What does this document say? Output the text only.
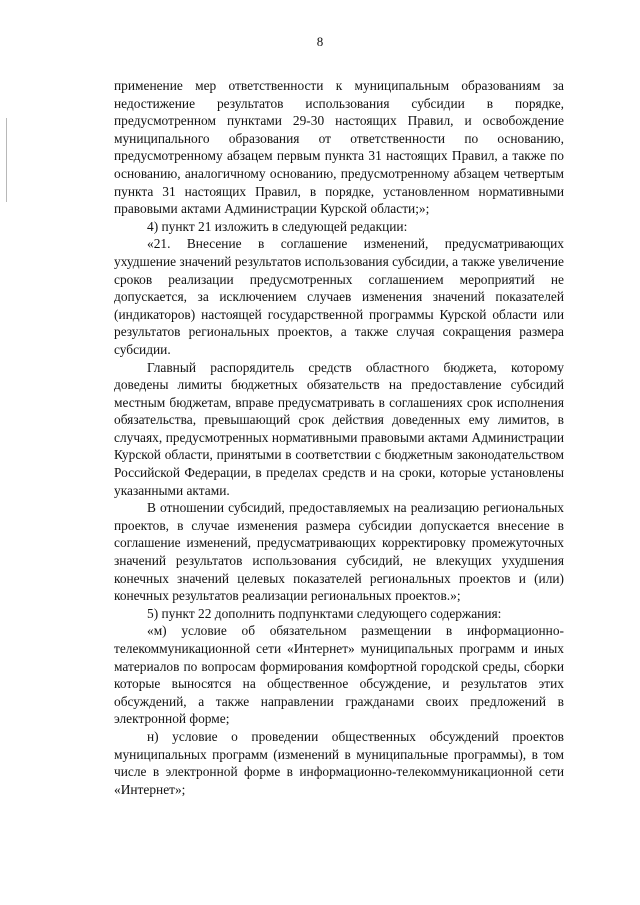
8

применение мер ответственности к муниципальным образованиям за недостижение результатов использования субсидии в порядке, предусмотренном пунктами 29-30 настоящих Правил, и освобождение муниципального образования от ответственности по основанию, предусмотренному абзацем первым пункта 31 настоящих Правил, а также по основанию, аналогичному основанию, предусмотренному абзацем четвертым пункта 31 настоящих Правил, в порядке, установленном нормативными правовыми актами Администрации Курской области;»;

4) пункт 21 изложить в следующей редакции:

«21. Внесение в соглашение изменений, предусматривающих ухудшение значений результатов использования субсидии, а также увеличение сроков реализации предусмотренных соглашением мероприятий не допускается, за исключением случаев изменения значений показателей (индикаторов) настоящей государственной программы Курской области или результатов региональных проектов, а также случая сокращения размера субсидии.

Главный распорядитель средств областного бюджета, которому доведены лимиты бюджетных обязательств на предоставление субсидий местным бюджетам, вправе предусматривать в соглашениях срок исполнения обязательства, превышающий срок действия доведенных ему лимитов, в случаях, предусмотренных нормативными правовыми актами Администрации Курской области, принятыми в соответствии с бюджетным законодательством Российской Федерации, в пределах средств и на сроки, которые установлены указанными актами.

В отношении субсидий, предоставляемых на реализацию региональных проектов, в случае изменения размера субсидии допускается внесение в соглашение изменений, предусматривающих корректировку промежуточных значений результатов использования субсидий, не влекущих ухудшения конечных значений целевых показателей региональных проектов и (или) конечных результатов реализации региональных проектов.»;

5) пункт 22 дополнить подпунктами следующего содержания:

«м) условие об обязательном размещении в информационно-телекоммуникационной сети «Интернет» муниципальных программ и иных материалов по вопросам формирования комфортной городской среды, сборки которые выносятся на общественное обсуждение, и результатов этих обсуждений, а также направлении гражданами своих предложений в электронной форме;

н) условие о проведении общественных обсуждений проектов муниципальных программ (изменений в муниципальные программы), в том числе в электронной форме в информационно-телекоммуникационной сети «Интернет»;
